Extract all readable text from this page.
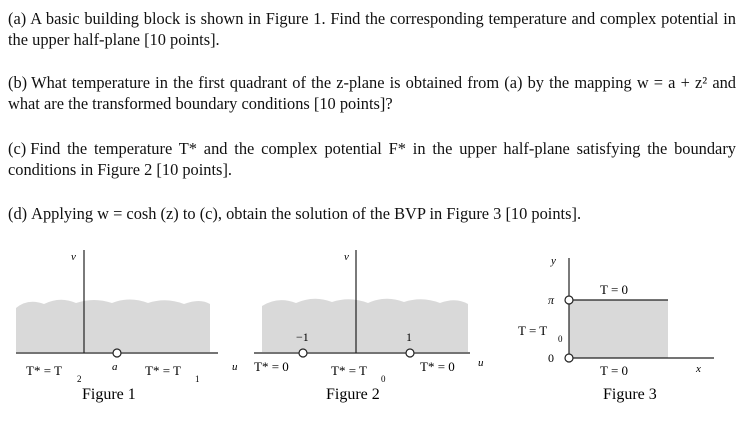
(a) A basic building block is shown in Figure 1. Find the corresponding temperature and complex potential in the upper half-plane [10 points].
(b) What temperature in the first quadrant of the z-plane is obtained from (a) by the mapping w = a + z² and what are the transformed boundary conditions [10 points]?
(c) Find the temperature T* and the complex potential F* in the upper half-plane satisfying the boundary conditions in Figure 2 [10 points].
(d) Applying w = cosh (z) to (c), obtain the solution of the BVP in Figure 3 [10 points].
v
a
T* = T
2
T* = T
1
u
Figure 1
v
−1	1
T* = 0	T* = T
0
T* = 0 u
Figure 2
y
π
0
T = 0
T = T
0
T = 0	x
Figure 3
